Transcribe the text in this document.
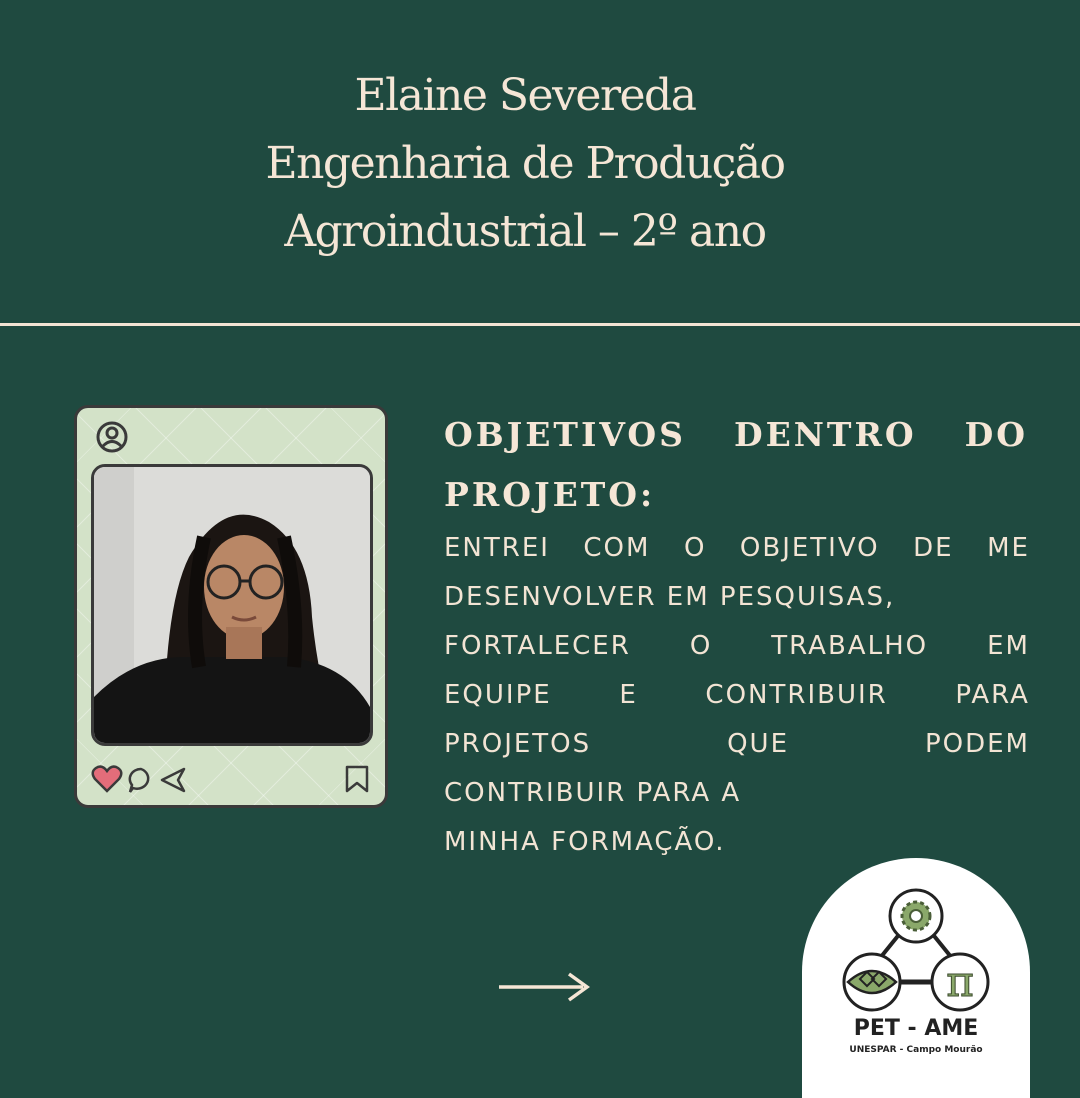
Elaine Severeda
Engenharia de Produção
Agroindustrial – 2º ano
OBJETIVOS DENTRO DO
PROJETO:
ENTREI COM O OBJETIVO DE ME
DESENVOLVER EM PESQUISAS,
FORTALECER O TRABALHO EM
EQUIPE	E	CONTRIBUIR	PARA
PROJETOS	QUE	PODEM
CONTRIBUIR PARA A
MINHA FORMAÇÃO.
π
PET - AME
UNESPAR - Campo Mourão
